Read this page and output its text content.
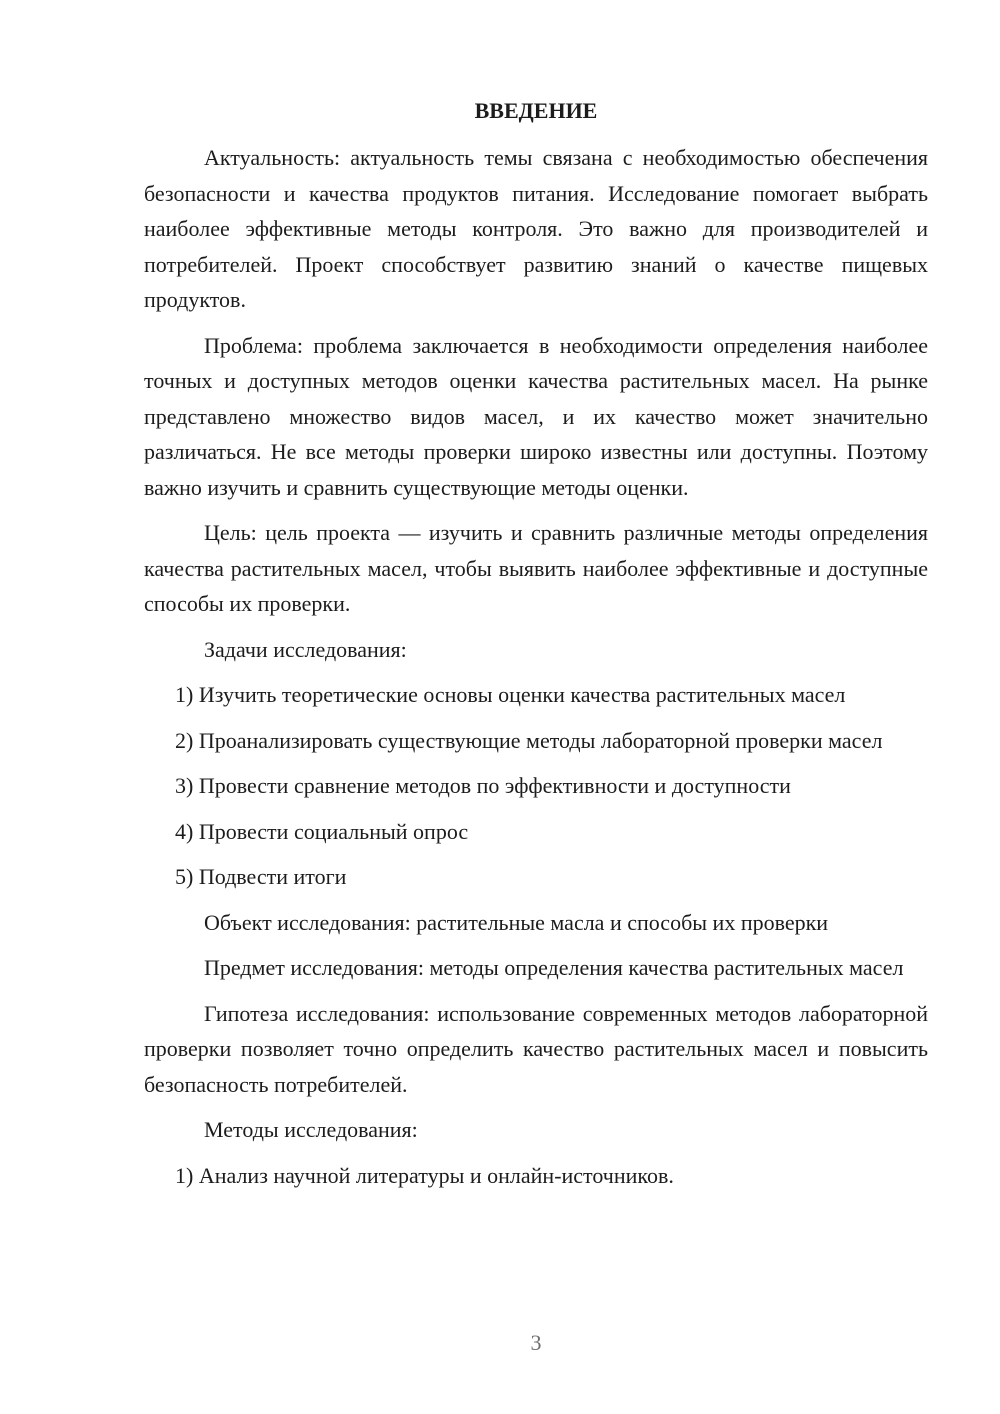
ВВЕДЕНИЕ

Актуальность: актуальность темы связана с необходимостью обеспечения безопасности и качества продуктов питания. Исследование помогает выбрать наиболее эффективные методы контроля. Это важно для производителей и потребителей. Проект способствует развитию знаний о качестве пищевых продуктов.

Проблема: проблема заключается в необходимости определения наиболее точных и доступных методов оценки качества растительных масел. На рынке представлено множество видов масел, и их качество может значительно различаться. Не все методы проверки широко известны или доступны. Поэтому важно изучить и сравнить существующие методы оценки.

Цель: цель проекта — изучить и сравнить различные методы определения качества растительных масел, чтобы выявить наиболее эффективные и доступные способы их проверки.

Задачи исследования:

1) Изучить теоретические основы оценки качества растительных масел

2) Проанализировать существующие методы лабораторной проверки масел

3) Провести сравнение методов по эффективности и доступности

4) Провести социальный опрос

5) Подвести итоги

Объект исследования: растительные масла и способы их проверки

Предмет исследования: методы определения качества растительных масел

Гипотеза исследования: использование современных методов лабораторной проверки позволяет точно определить качество растительных масел и повысить безопасность потребителей.

Методы исследования:

1) Анализ научной литературы и онлайн-источников.

3
